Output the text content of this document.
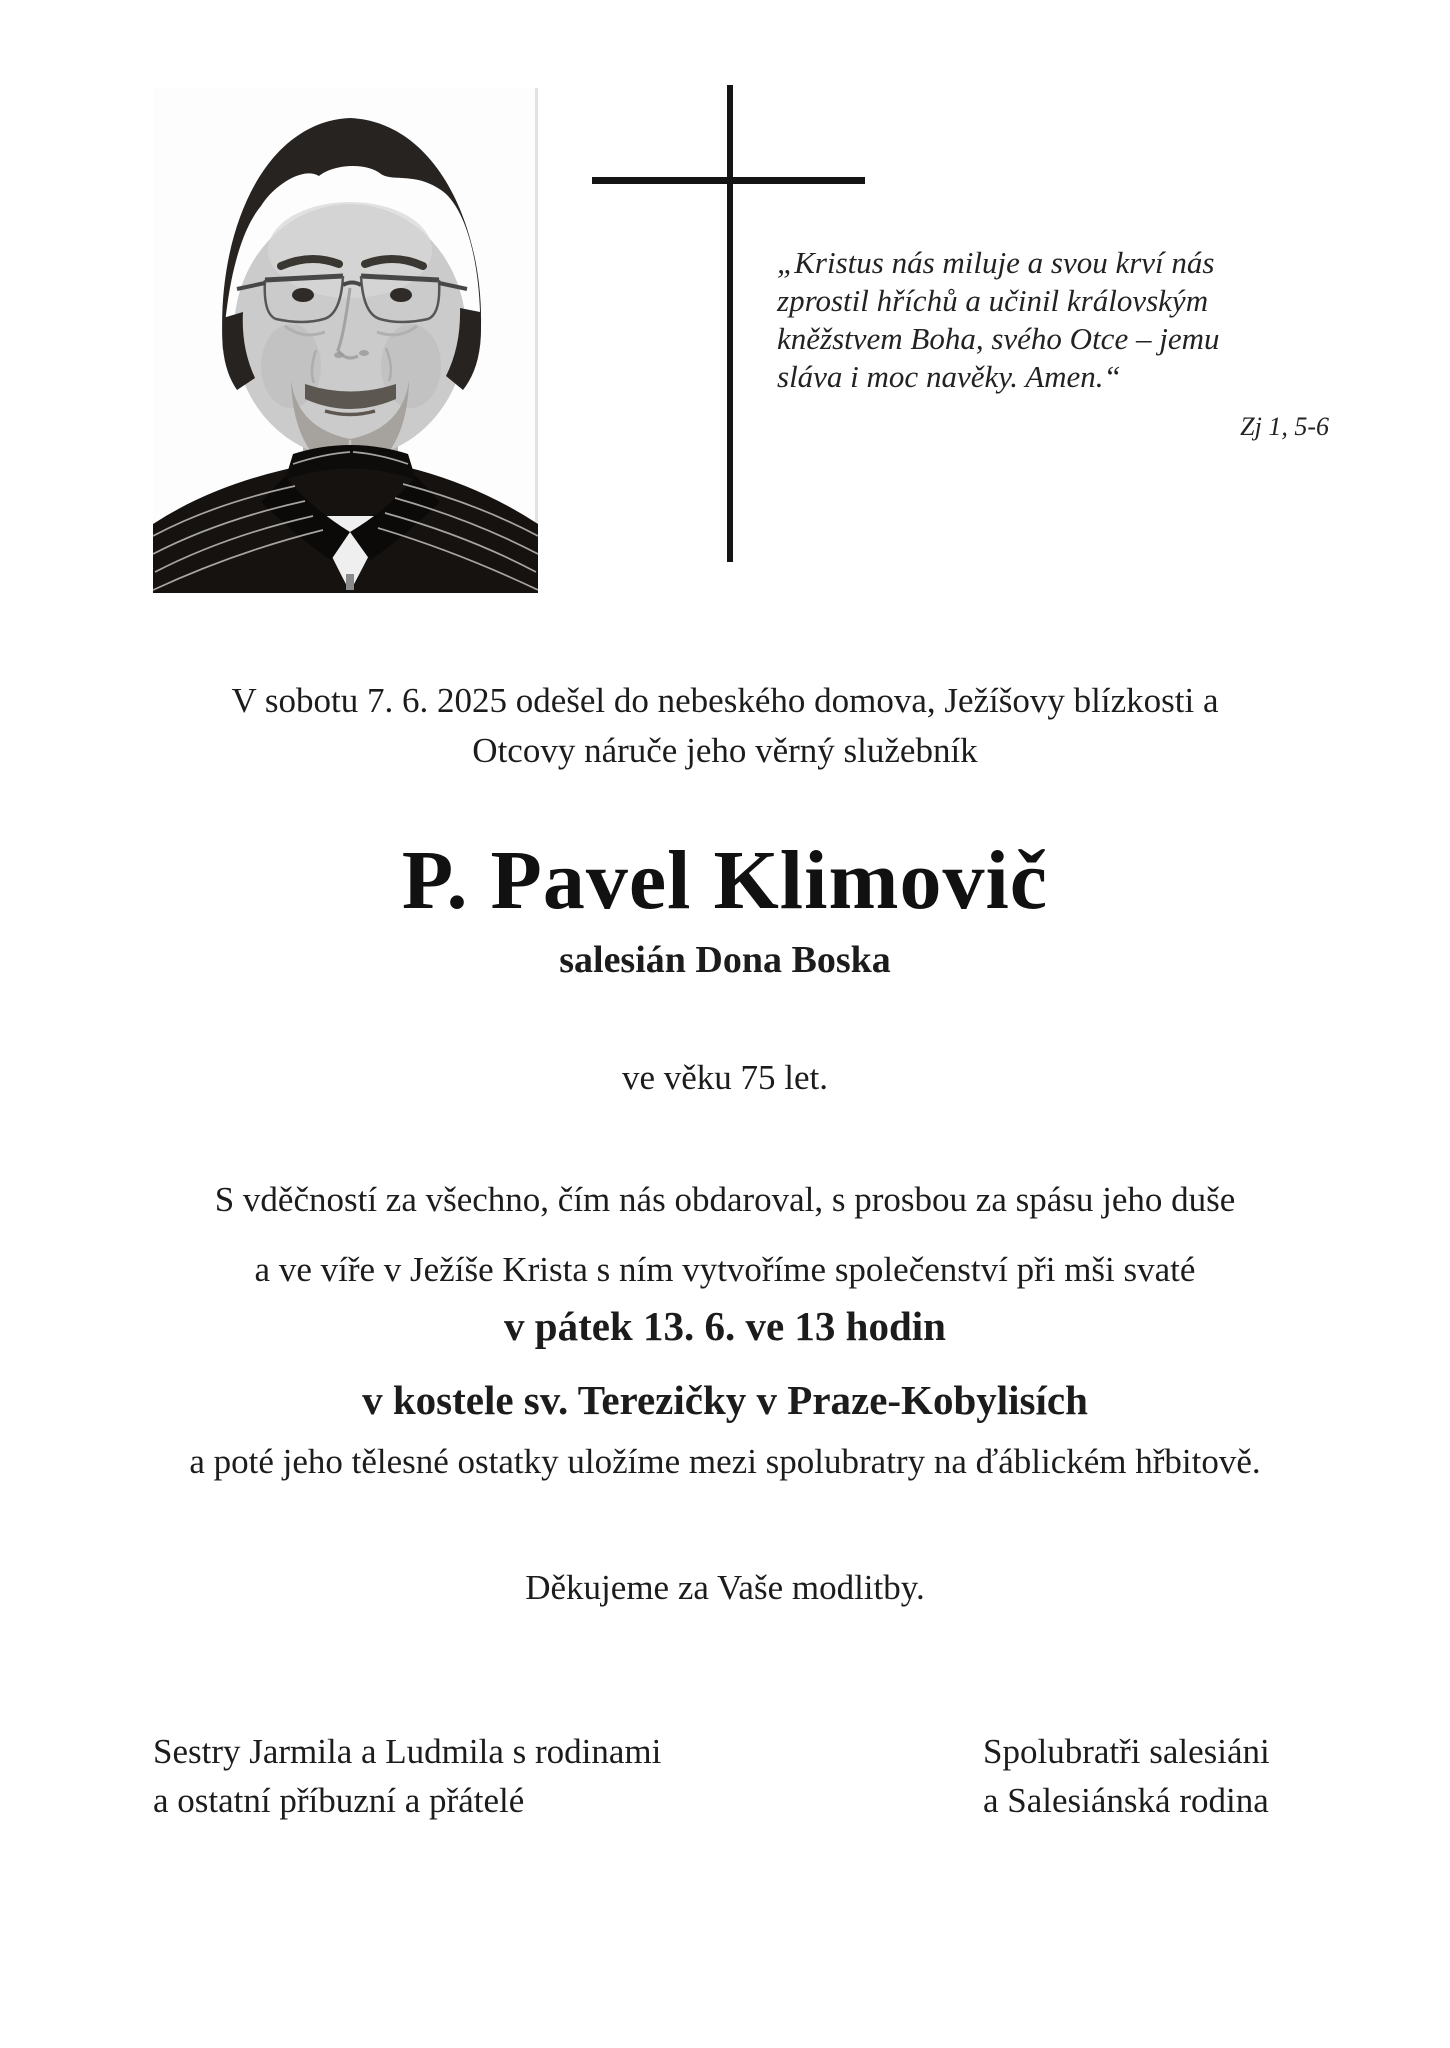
„Kristus nás miluje a svou krví nás
zprostil hříchů a učinil královským
kněžstvem Boha, svého Otce – jemu
sláva i moc navěky. Amen.“
Zj 1, 5-6
V sobotu 7. 6. 2025 odešel do nebeského domova, Ježíšovy blízkosti a
Otcovy náruče jeho věrný služebník
P. Pavel Klimovič
salesián Dona Boska
ve věku 75 let.
S vděčností za všechno, čím nás obdaroval, s prosbou za spásu jeho duše
a ve víře v Ježíše Krista s ním vytvoříme společenství při mši svaté
v pátek 13. 6. ve 13 hodin
v kostele sv. Terezičky v Praze-Kobylisích
a poté jeho tělesné ostatky uložíme mezi spolubratry na ďáblickém hřbitově.
Děkujeme za Vaše modlitby.
Sestry Jarmila a Ludmila s rodinami
a ostatní příbuzní a přátelé
Spolubratři salesiáni
a Salesiánská rodina
